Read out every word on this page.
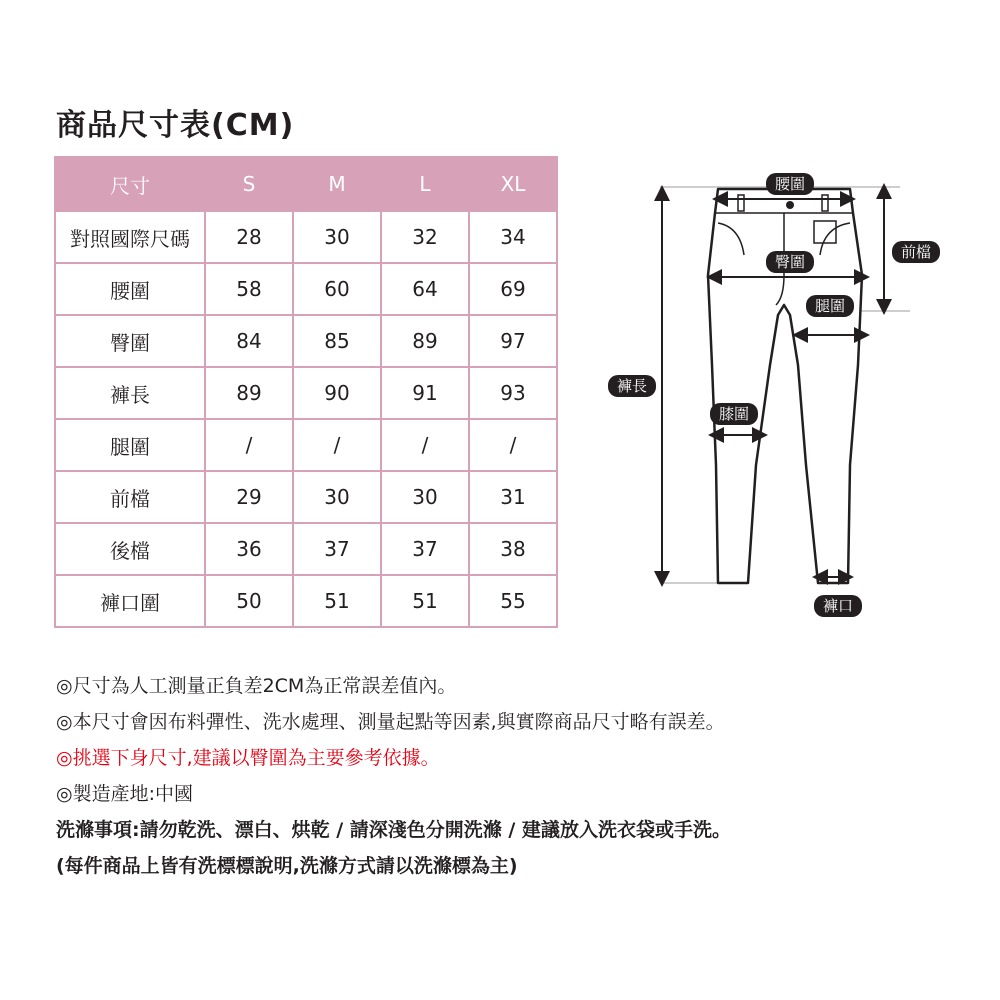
商品尺寸表(CM)
尺寸	S	M	L	XL
對照國際尺碼	28	30	32	34
腰圍	58	60	64	69
臀圍	84	85	89	97
褲長	89	90	91	93
腿圍	/	/	/	/
前檔	29	30	30	31
後檔	36	37	37	38
褲口圍	50	51	51	55
腰圍
臀圍
前檔
腿圍
褲長
膝圍
褲口
◎尺寸為人工測量正負差2CM為正常誤差值內。
◎本尺寸會因布料彈性、洗水處理、測量起點等因素,與實際商品尺寸略有誤差。
◎挑選下身尺寸,建議以臀圍為主要參考依據。
◎製造產地:中國
洗滌事項:請勿乾洗、漂白、烘乾 / 請深淺色分開洗滌 / 建議放入洗衣袋或手洗。
(每件商品上皆有洗標標說明,洗滌方式請以洗滌標為主)
